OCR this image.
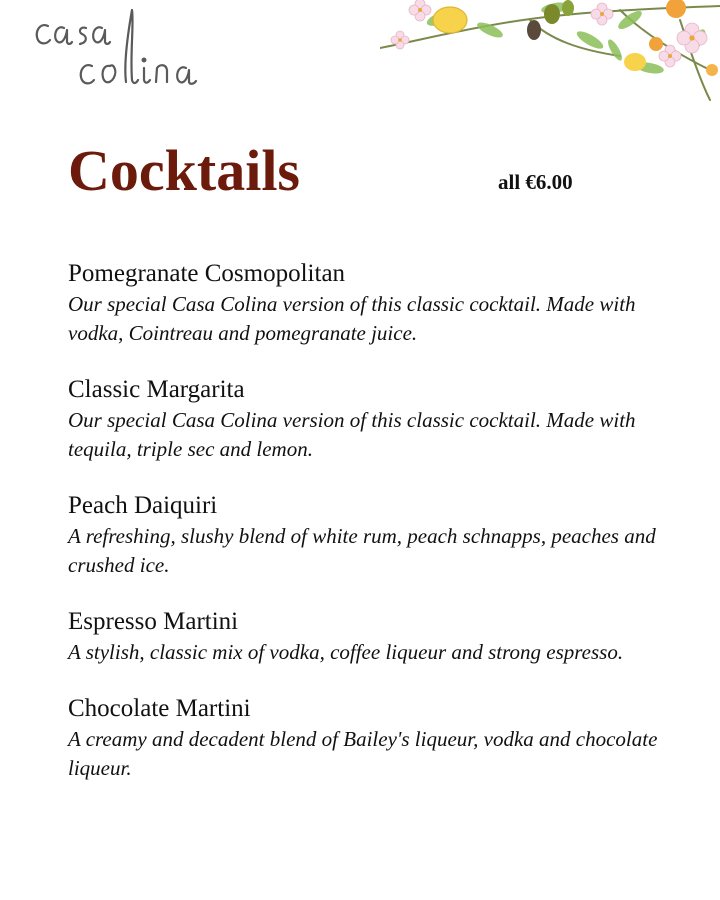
casa colina
Cocktails	all €6.00
Pomegranate Cosmopolitan
Our special Casa Colina version of this classic cocktail. Made with vodka, Cointreau and pomegranate juice.
Classic Margarita
Our special Casa Colina version of this classic cocktail. Made with tequila, triple sec and lemon.
Peach Daiquiri
A refreshing, slushy blend of white rum, peach schnapps, peaches and crushed ice.
Espresso Martini
A stylish, classic mix of vodka, coffee liqueur and strong espresso.
Chocolate Martini
A creamy and decadent blend of Bailey's liqueur, vodka and chocolate liqueur.
